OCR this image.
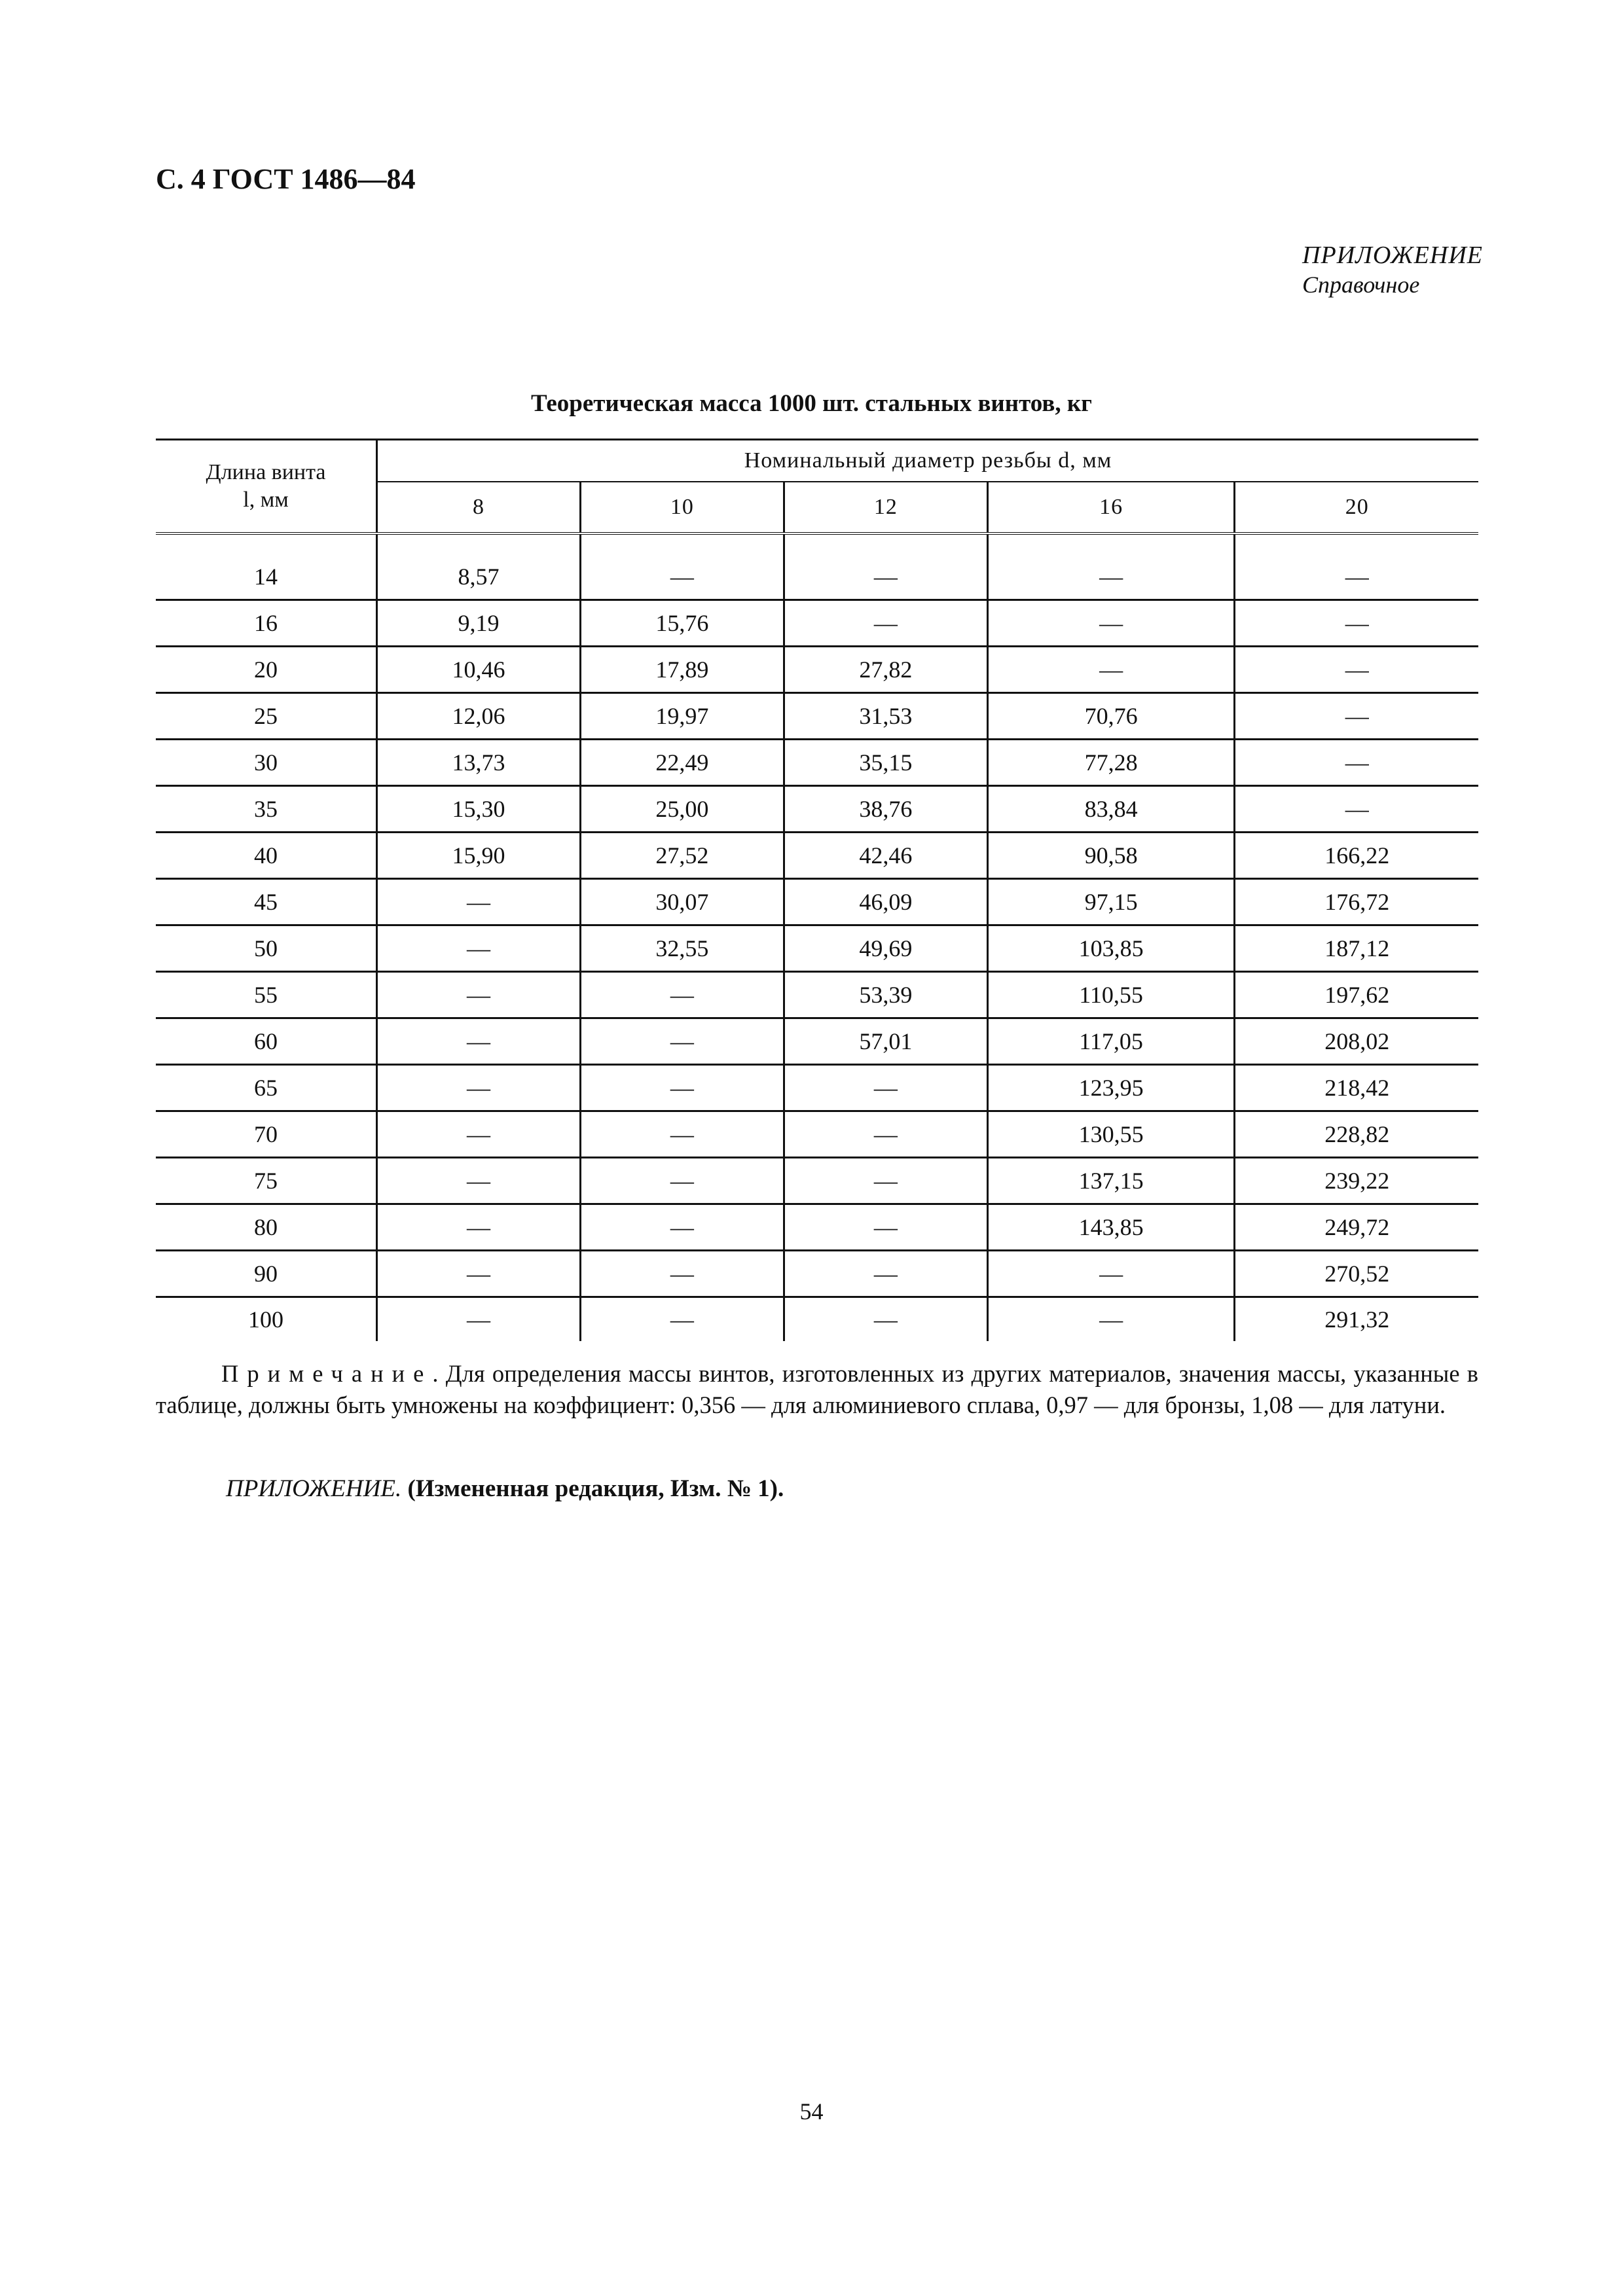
С. 4 ГОСТ 1486—84
ПРИЛОЖЕНИЕ
Справочное
Теоретическая масса 1000 шт. стальных винтов, кг
Длина винта
l, мм	Номинальный диаметр резьбы d, мм				
	8	10	12	16	20

14	8,57	—	—	—	—
16	9,19	15,76	—	—	—
20	10,46	17,89	27,82	—	—
25	12,06	19,97	31,53	70,76	—
30	13,73	22,49	35,15	77,28	—
35	15,30	25,00	38,76	83,84	—
40	15,90	27,52	42,46	90,58	166,22
45	—	30,07	46,09	97,15	176,72
50	—	32,55	49,69	103,85	187,12
55	—	—	53,39	110,55	197,62
60	—	—	57,01	117,05	208,02
65	—	—	—	123,95	218,42
70	—	—	—	130,55	228,82
75	—	—	—	137,15	239,22
80	—	—	—	143,85	249,72
90	—	—	—	—	270,52
100	—	—	—	—	291,32
Примечание. Для определения массы винтов, изготовленных из других материалов, значения массы, указанные в таблице, должны быть умножены на коэффициент: 0,356 — для алюминиевого сплава, 0,97 — для бронзы, 1,08 — для латуни.
ПРИЛОЖЕНИЕ. (Измененная редакция, Изм. № 1).
54
